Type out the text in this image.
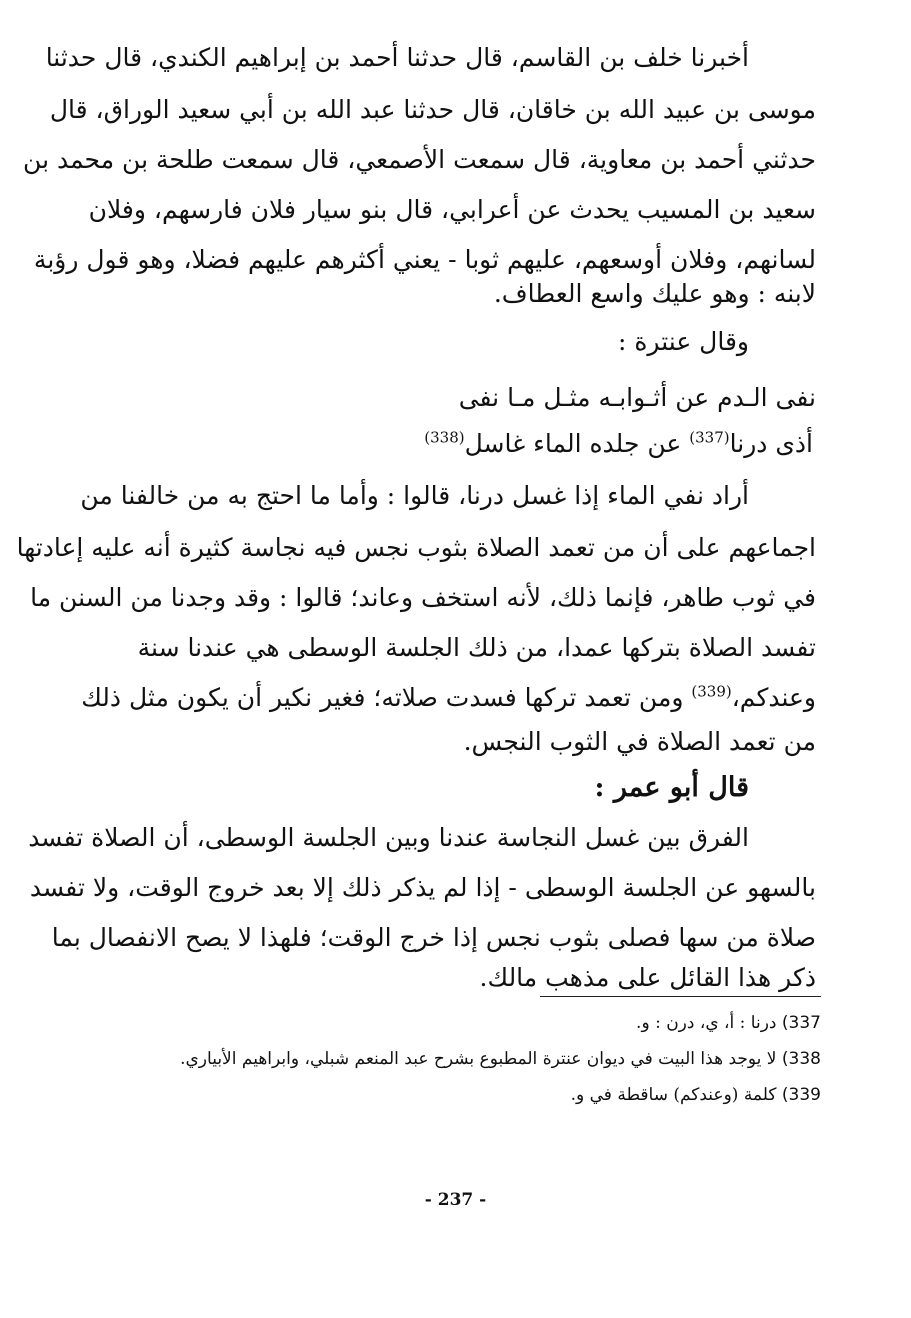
أخبرنا خلف بن القاسم، قال حدثنا أحمد بن إبراهيم الكندي، قال حدثنا
موسى بن عبيد الله بن خاقان، قال حدثنا عبد الله بن أبي سعيد الوراق، قال
حدثني أحمد بن معاوية، قال سمعت الأصمعي، قال سمعت طلحة بن محمد بن
سعيد بن المسيب يحدث عن أعرابي، قال بنو سيار فلان فارسهم، وفلان
لسانهم، وفلان أوسعهم، عليهم ثوبا - يعني أكثرهم عليهم فضلا، وهو قول رؤبة
لابنه : وهو عليك واسع العطاف.
وقال عنترة :
نفى الـدم عن أثـوابـه مثـل مـا نفى
أذى درنا$^{(337)}$ عن جلده الماء غاسل$^{(338)}$
أراد نفي الماء إذا غسل درنا، قالوا : وأما ما احتج به من خالفنا من
اجماعهم على أن من تعمد الصلاة بثوب نجس فيه نجاسة كثيرة أنه عليه إعادتها
في ثوب طاهر، فإنما ذلك، لأنه استخف وعاند؛ قالوا : وقد وجدنا من السنن ما
تفسد الصلاة بتركها عمدا، من ذلك الجلسة الوسطى هي عندنا سنة
وعندكم،$^{(339)}$ ومن تعمد تركها فسدت صلاته؛ فغير نكير أن يكون مثل ذلك
من تعمد الصلاة في الثوب النجس.
قال أبو عمر :
الفرق بين غسل النجاسة عندنا وبين الجلسة الوسطى، أن الصلاة تفسد
بالسهو عن الجلسة الوسطى - إذا لم يذكر ذلك إلا بعد خروج الوقت، ولا تفسد
صلاة من سها فصلى بثوب نجس إذا خرج الوقت؛ فلهذا لا يصح الانفصال بما
ذكر هذا القائل على مذهب مالك.
337) درنا : أ، ي، درن : و.
338) لا يوجد هذا البيت في ديوان عنترة المطبوع بشرح عبد المنعم شبلي، وابراهيم الأبياري.
339) كلمة (وعندكم) ساقطة في و.
- 237 -
